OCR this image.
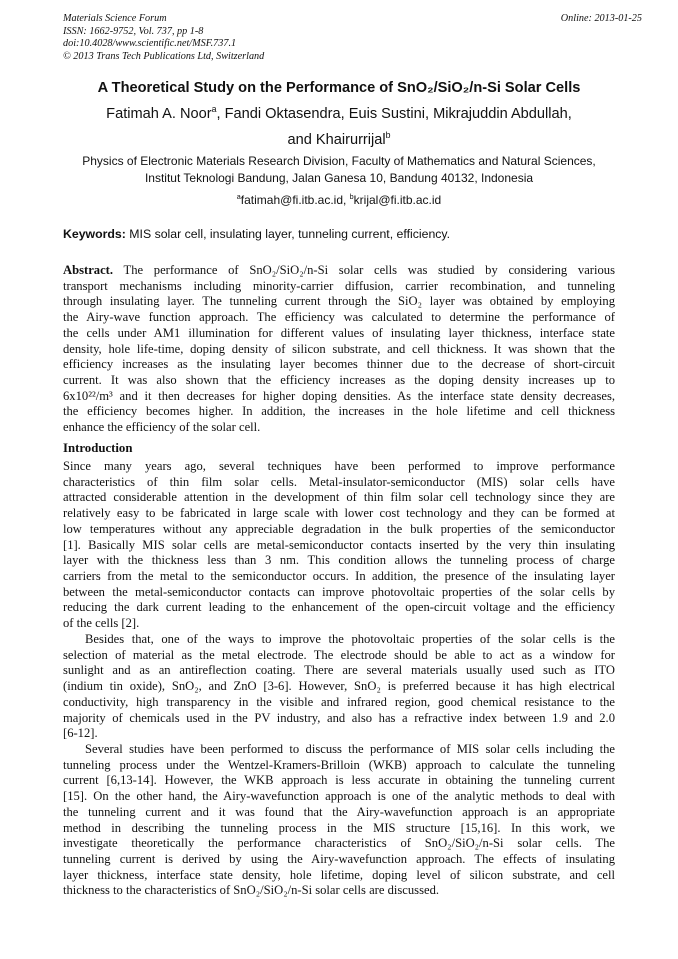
Materials Science Forum
ISSN: 1662-9752, Vol. 737, pp 1-8
doi:10.4028/www.scientific.net/MSF.737.1
© 2013 Trans Tech Publications Ltd, Switzerland
Online: 2013-01-25
A Theoretical Study on the Performance of SnO₂/SiO₂/n-Si Solar Cells
Fatimah A. Noor$^a$, Fandi Oktasendra, Euis Sustini, Mikrajuddin Abdullah,
and Khairurrijal$^b$
Physics of Electronic Materials Research Division, Faculty of Mathematics and Natural Sciences,
Institut Teknologi Bandung, Jalan Ganesa 10, Bandung 40132, Indonesia
$^a$fatimah@fi.itb.ac.id, $^b$krijal@fi.itb.ac.id
Keywords: MIS solar cell, insulating layer, tunneling current, efficiency.
Abstract. The performance of SnO₂/SiO₂/n-Si solar cells was studied by considering various
transport mechanisms including minority-carrier diffusion, carrier recombination, and tunneling
through insulating layer. The tunneling current through the SiO₂ layer was obtained by employing
the Airy-wave function approach. The efficiency was calculated to determine the performance of
the cells under AM1 illumination for different values of insulating layer thickness, interface state
density, hole life-time, doping density of silicon substrate, and cell thickness. It was shown that the
efficiency increases as the insulating layer becomes thinner due to the decrease of short-circuit
current. It was also shown that the efficiency increases as the doping density increases up to
6x10²²/m³ and it then decreases for higher doping densities. As the interface state density decreases,
the efficiency becomes higher. In addition, the increases in the hole lifetime and cell thickness
enhance the efficiency of the solar cell.
Introduction
Since many years ago, several techniques have been performed to improve performance
characteristics of thin film solar cells. Metal-insulator-semiconductor (MIS) solar cells have
attracted considerable attention in the development of thin film solar cell technology since they are
relatively easy to be fabricated in large scale with lower cost technology and they can be formed at
low temperatures without any appreciable degradation in the bulk properties of the semiconductor
[1]. Basically MIS solar cells are metal-semiconductor contacts inserted by the very thin insulating
layer with the thickness less than 3 nm. This condition allows the tunneling process of charge
carriers from the metal to the semiconductor occurs. In addition, the presence of the insulating layer
between the metal-semiconductor contacts can improve photovoltaic properties of the solar cells by
reducing the dark current leading to the enhancement of the open-circuit voltage and the efficiency
of the cells [2].
Besides that, one of the ways to improve the photovoltaic properties of the solar cells is the
selection of material as the metal electrode. The electrode should be able to act as a window for
sunlight and as an antireflection coating. There are several materials usually used such as ITO
(indium tin oxide), SnO₂, and ZnO [3-6]. However, SnO₂ is preferred because it has high electrical
conductivity, high transparency in the visible and infrared region, good chemical resistance to the
majority of chemicals used in the PV industry, and also has a refractive index between 1.9 and 2.0
[6-12].
Several studies have been performed to discuss the performance of MIS solar cells including the
tunneling process under the Wentzel-Kramers-Brilloin (WKB) approach to calculate the tunneling
current [6,13-14]. However, the WKB approach is less accurate in obtaining the tunneling current
[15]. On the other hand, the Airy-wavefunction approach is one of the analytic methods to deal with
the tunneling current and it was found that the Airy-wavefunction approach is an appropriate
method in describing the tunneling process in the MIS structure [15,16]. In this work, we
investigate theoretically the performance characteristics of SnO₂/SiO₂/n-Si solar cells. The
tunneling current is derived by using the Airy-wavefunction approach. The effects of insulating
layer thickness, interface state density, hole lifetime, doping level of silicon substrate, and cell
thickness to the characteristics of SnO₂/SiO₂/n-Si solar cells are discussed.
